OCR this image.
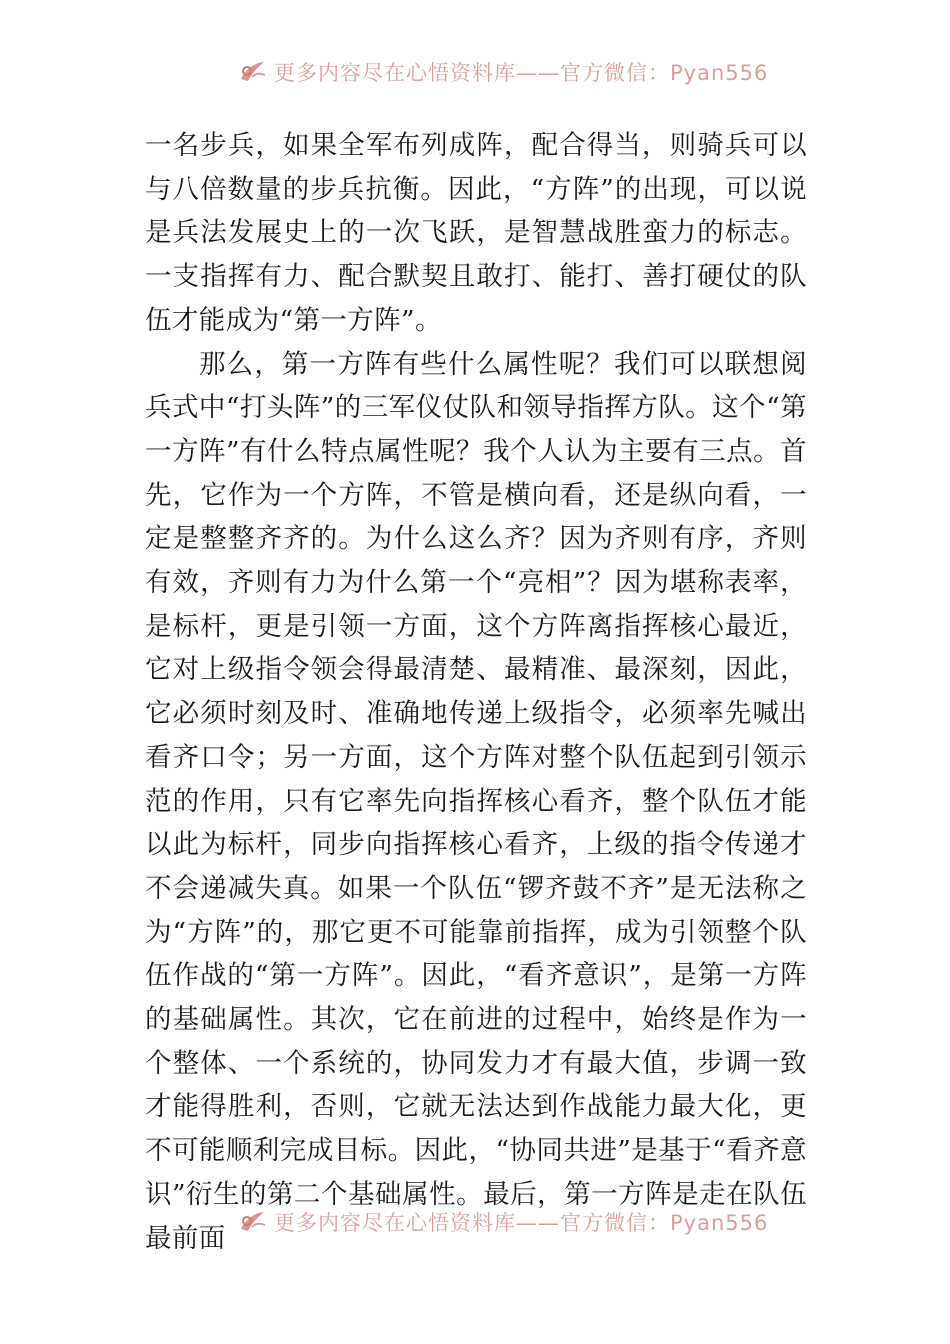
更多内容尽在心悟资料库——官方微信：Pyan556

一名步兵，如果全军布列成阵，配合得当，则骑兵可以与八倍数量的步兵抗衡。因此，“方阵”的出现，可以说是兵法发展史上的一次飞跃，是智慧战胜蛮力的标志。一支指挥有力、配合默契且敢打、能打、善打硬仗的队伍才能成为“第一方阵”。

那么，第一方阵有些什么属性呢？我们可以联想阅兵式中“打头阵”的三军仪仗队和领导指挥方队。这个“第一方阵”有什么特点属性呢？我个人认为主要有三点。首先，它作为一个方阵，不管是横向看，还是纵向看，一定是整整齐齐的。为什么这么齐？因为齐则有序，齐则有效，齐则有力为什么第一个“亮相”？因为堪称表率，是标杆，更是引领一方面，这个方阵离指挥核心最近，它对上级指令领会得最清楚、最精准、最深刻，因此，它必须时刻及时、准确地传递上级指令，必须率先喊出看齐口令；另一方面，这个方阵对整个队伍起到引领示范的作用，只有它率先向指挥核心看齐，整个队伍才能以此为标杆，同步向指挥核心看齐，上级的指令传递才不会递减失真。如果一个队伍“锣齐鼓不齐”是无法称之为“方阵”的，那它更不可能靠前指挥，成为引领整个队伍作战的“第一方阵”。因此，“看齐意识”，是第一方阵的基础属性。其次，它在前进的过程中，始终是作为一个整体、一个系统的，协同发力才有最大值，步调一致才能得胜利，否则，它就无法达到作战能力最大化，更不可能顺利完成目标。因此，“协同共进”是基于“看齐意识”衍生的第二个基础属性。最后，第一方阵是走在队伍最前面	更多内容尽在心悟资料库——官方微信：Pyan556
